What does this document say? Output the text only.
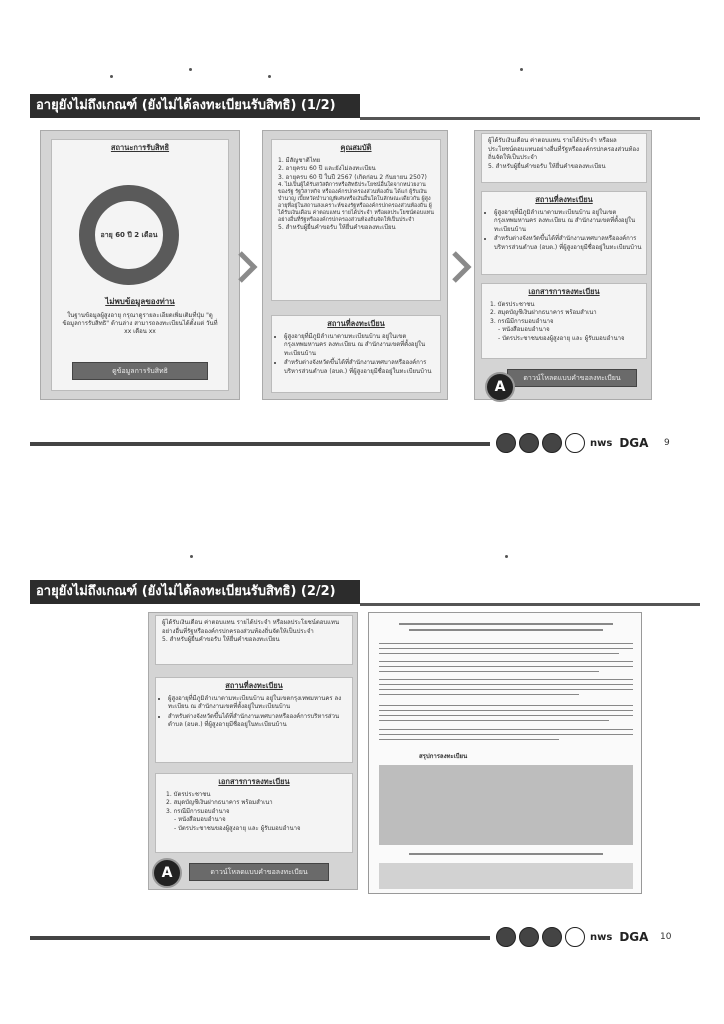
อายุยังไม่ถึงเกณฑ์ (ยังไม่ได้ลงทะเบียนรับสิทธิ) (1/2)
สถานะการรับสิทธิ
อายุ 60 ปี 2 เดือน
ไม่พบข้อมูลของท่าน
ในฐานข้อมูลผู้สูงอายุ กรุณาดูรายละเอียดเพิ่มเติมที่ปุ่ม "ดูข้อมูลการรับสิทธิ" ด้านล่าง สามารถลงทะเบียนได้ตั้งแต่ วันที่ xx เดือน xx
ดูข้อมูลการรับสิทธิ
คุณสมบัติ
1. มีสัญชาติไทย
2. อายุครบ 60 ปี และยังไม่ลงทะเบียน
3. อายุครบ 60 ปี ในปี 2567 (เกิดก่อน 2 กันยายน 2507)
4. ไม่เป็นผู้ได้รับสวัสดิการหรือสิทธิประโยชน์อื่นใดจากหน่วยงานของรัฐ รัฐวิสาหกิจ หรือองค์กรปกครองส่วนท้องถิ่น ได้แก่ ผู้รับเงินบำนาญ เบี้ยหวัดบำนาญพิเศษหรือเงินอื่นใดในลักษณะเดียวกัน ผู้สูงอายุที่อยู่ในสถานสงเคราะห์ของรัฐหรือองค์กรปกครองส่วนท้องถิ่น ผู้ได้รับเงินเดือน ค่าตอบแทน รายได้ประจำ หรือผลประโยชน์ตอบแทนอย่างอื่นที่รัฐหรือองค์กรปกครองส่วนท้องถิ่นจัดให้เป็นประจำ
5. สำหรับผู้ยื่นคำขอรับ ให้ยื่นคำขอลงทะเบียน
สถานที่ลงทะเบียน
• ผู้สูงอายุที่มีภูมิลำเนาตามทะเบียนบ้าน อยู่ในเขตกรุงเทพมหานคร ลงทะเบียน ณ สำนักงานเขตที่ตั้งอยู่ในทะเบียนบ้าน
• สำหรับต่างจังหวัดขึ้นได้ที่สำนักงานเทศบาลหรือองค์การบริหารส่วนตำบล (อบต.) ที่ผู้สูงอายุมีชื่ออยู่ในทะเบียนบ้าน

ผู้ได้รับเงินเดือน ค่าตอบแทน รายได้ประจำ หรือผลประโยชน์ตอบแทนอย่างอื่นที่รัฐหรือองค์กรปกครองส่วนท้องถิ่นจัดให้เป็นประจำ

5. สำหรับผู้ยื่นคำขอรับ ให้ยื่นคำขอลงทะเบียน

สถานที่ลงทะเบียน
• ผู้สูงอายุที่มีภูมิลำเนาตามทะเบียนบ้าน อยู่ในเขตกรุงเทพมหานคร ลงทะเบียน ณ สำนักงานเขตที่ตั้งอยู่ในทะเบียนบ้าน
• สำหรับต่างจังหวัดขึ้นได้ที่สำนักงานเทศบาลหรือองค์การบริหารส่วนตำบล (อบต.) ที่ผู้สูงอายุมีชื่ออยู่ในทะเบียนบ้าน
เอกสารการลงทะเบียน
1. บัตรประชาชน
2. สมุดบัญชีเงินฝากธนาคาร พร้อมสำเนา
3. กรณีมีการมอบอำนาจ
- หนังสือมอบอำนาจ
- บัตรประชาชนของผู้สูงอายุ และ ผู้รับมอบอำนาจ
ดาวน์โหลดแบบคำขอลงทะเบียน
A
nws DGA 9
อายุยังไม่ถึงเกณฑ์ (ยังไม่ได้ลงทะเบียนรับสิทธิ) (2/2)

ผู้ได้รับเงินเดือน ค่าตอบแทน รายได้ประจำ หรือผลประโยชน์ตอบแทนอย่างอื่นที่รัฐหรือองค์กรปกครองส่วนท้องถิ่นจัดให้เป็นประจำ

5. สำหรับผู้ยื่นคำขอรับ ให้ยื่นคำขอลงทะเบียน

สถานที่ลงทะเบียน
• ผู้สูงอายุที่มีภูมิลำเนาตามทะเบียนบ้าน อยู่ในเขตกรุงเทพมหานคร ลงทะเบียน ณ สำนักงานเขตที่ตั้งอยู่ในทะเบียนบ้าน
• สำหรับต่างจังหวัดขึ้นได้ที่สำนักงานเทศบาลหรือองค์การบริหารส่วนตำบล (อบต.) ที่ผู้สูงอายุมีชื่ออยู่ในทะเบียนบ้าน
เอกสารการลงทะเบียน
1. บัตรประชาชน
2. สมุดบัญชีเงินฝากธนาคาร พร้อมสำเนา
3. กรณีมีการมอบอำนาจ
- หนังสือมอบอำนาจ
- บัตรประชาชนของผู้สูงอายุ และ ผู้รับมอบอำนาจ
ดาวน์โหลดแบบคำขอลงทะเบียน
A
สรุปการลงทะเบียน
nws DGA 10
